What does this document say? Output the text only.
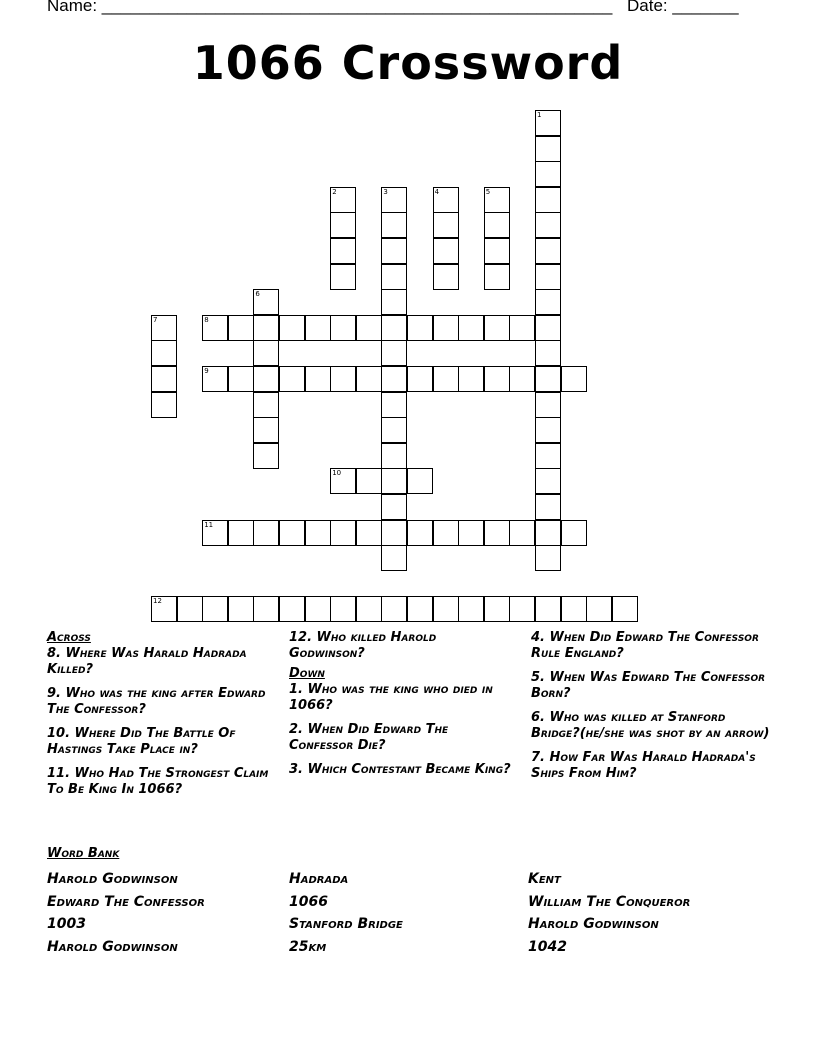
Name: ______________________________________________________ Date: _______
1066 Crossword
1
2	3	4	5
6
7	8
9
10
11
12
Across
8. Where Was Harald Hadrada Killed?
9. Who was the king after Edward The Confessor?
10. Where Did The Battle Of Hastings Take Place in?
11. Who Had The Strongest Claim To Be King In 1066?
12. Who killed Harold Godwinson?
Down
1. Who was the king who died in 1066?
2. When Did Edward The Confessor Die?
3. Which Contestant Became King?
4. When Did Edward The Confessor Rule England?
5. When Was Edward The Confessor Born?
6. Who was killed at Stanford Bridge?(he/she was shot by an arrow)
7. How Far Was Harald Hadrada's Ships From Him?
Word Bank
Harold Godwinson
Edward The Confessor
1003
Harold Godwinson
Hadrada
1066
Stanford Bridge
25km
Kent
William The Conqueror
Harold Godwinson
1042
